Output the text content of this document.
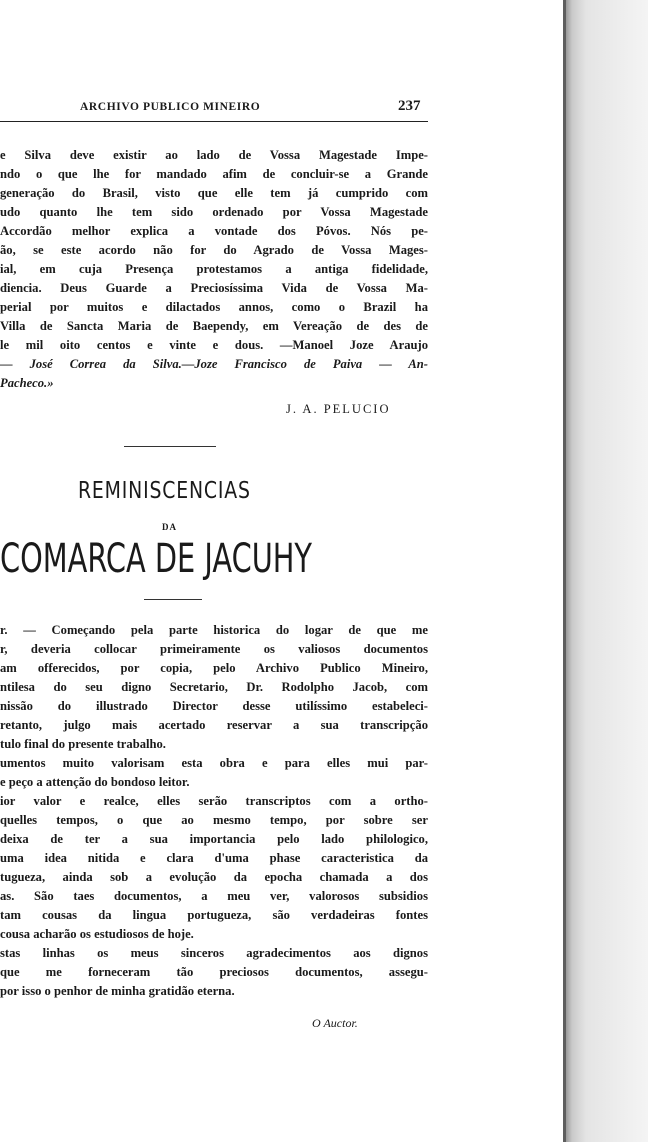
ARCHIVO PUBLICO MINEIRO	237
e Silva deve existir ao lado de Vossa Magestade Impe-
ndo o que lhe for mandado afim de concluir-se a Grande
generação do Brasil, visto que elle tem já cumprido com
udo quanto lhe tem sido ordenado por Vossa Magestade
Accordão melhor explica a vontade dos Póvos. Nós pe-
ão, se este acordo não for do Agrado de Vossa Mages-
ial, em cuja Presença protestamos a antiga fidelidade,
diencia. Deus Guarde a Preciosíssima Vida de Vossa Ma-
perial por muitos e dilactados annos, como o Brazil ha
Villa de Sancta Maria de Baependy, em Vereação de des de
le mil oito centos e vinte e dous. —Manoel Joze Araujo
— José Correa da Silva.—Joze Francisco de Paiva — An-
Pacheco.»
J. A. PELUCIO
REMINISCENCIAS
DA
COMARCA DE JACUHY
r. — Começando pela parte historica do logar de que me
r, deveria collocar primeiramente os valiosos documentos
am offerecidos, por copia, pelo Archivo Publico Mineiro,
ntilesa do seu digno Secretario, Dr. Rodolpho Jacob, com
nissão do illustrado Director desse utilíssimo estabeleci-
retanto, julgo mais acertado reservar a sua transcripção
tulo final do presente trabalho.
umentos muito valorisam esta obra e para elles mui par-
e peço a attenção do bondoso leitor.
ior valor e realce, elles serão transcriptos com a ortho-
quelles tempos, o que ao mesmo tempo, por sobre ser
deixa de ter a sua importancia pelo lado philologico,
uma idea nitida e clara d'uma phase caracteristica da
tugueza, ainda sob a evolução da epocha chamada a dos
as. São taes documentos, a meu ver, valorosos subsidios
tam cousas da lingua portugueza, são verdadeiras fontes
cousa acharão os estudiosos de hoje.
stas linhas os meus sinceros agradecimentos aos dignos
que me forneceram tão preciosos documentos, assegu-
por isso o penhor de minha gratidão eterna.
O Auctor.
